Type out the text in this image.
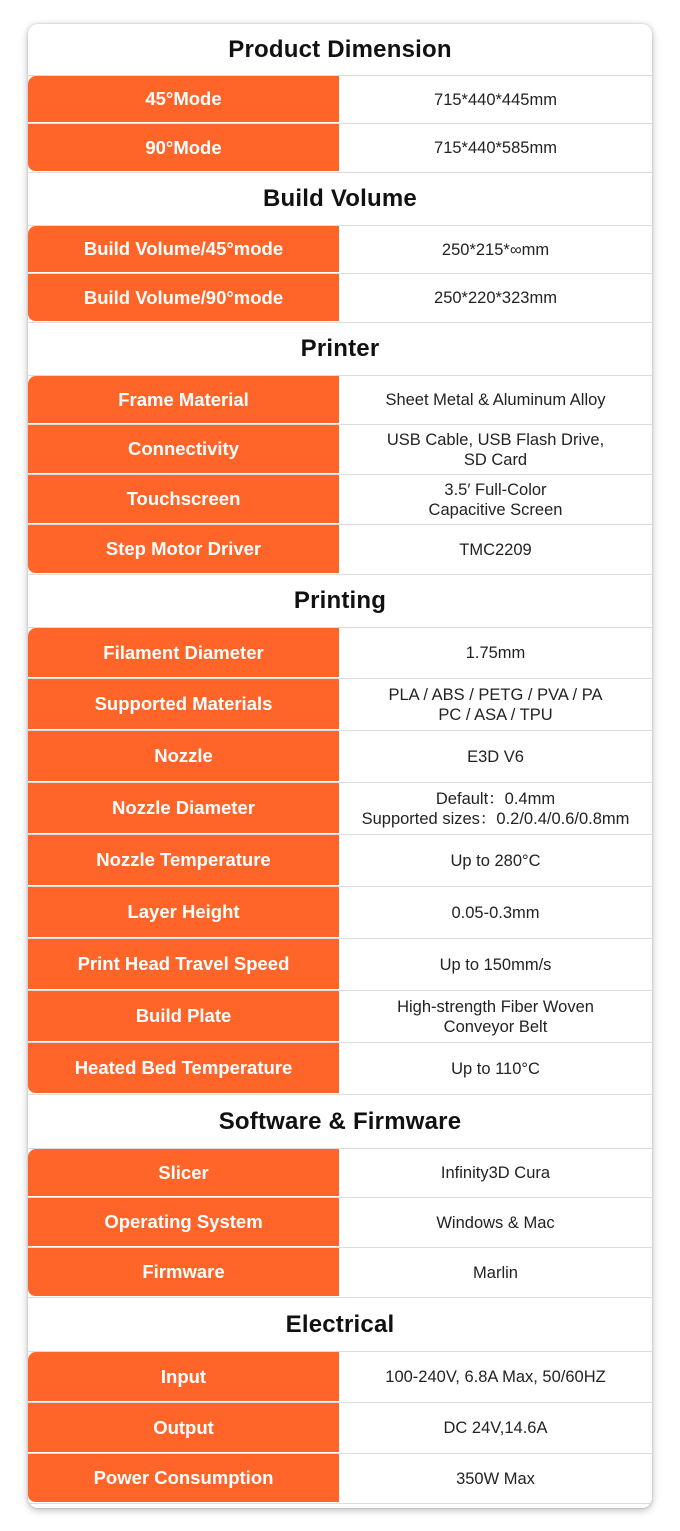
Product Dimension
45°Mode	715*440*445mm
90°Mode	715*440*585mm
Build Volume
Build Volume/45°mode	250*215*∞mm
Build Volume/90°mode	250*220*323mm
Printer
Frame Material	Sheet Metal & Aluminum Alloy
Connectivity	USB Cable, USB Flash Drive,
SD Card
Touchscreen	3.5′ Full-Color
Capacitive Screen
Step Motor Driver	TMC2209
Printing
Filament Diameter	1.75mm
Supported Materials	PLA / ABS / PETG / PVA / PA
PC / ASA / TPU
Nozzle	E3D V6
Nozzle Diameter	Default：0.4mm
Supported sizes：0.2/0.4/0.6/0.8mm
Nozzle Temperature	Up to 280°C
Layer Height	0.05-0.3mm
Print Head Travel Speed	Up to 150mm/s
Build Plate	High-strength Fiber Woven
Conveyor Belt
Heated Bed Temperature	Up to 110°C
Software & Firmware
Slicer	Infinity3D Cura
Operating System	Windows & Mac
Firmware	Marlin
Electrical
Input	100-240V, 6.8A Max, 50/60HZ
Output	DC 24V,14.6A
Power Consumption	350W Max
